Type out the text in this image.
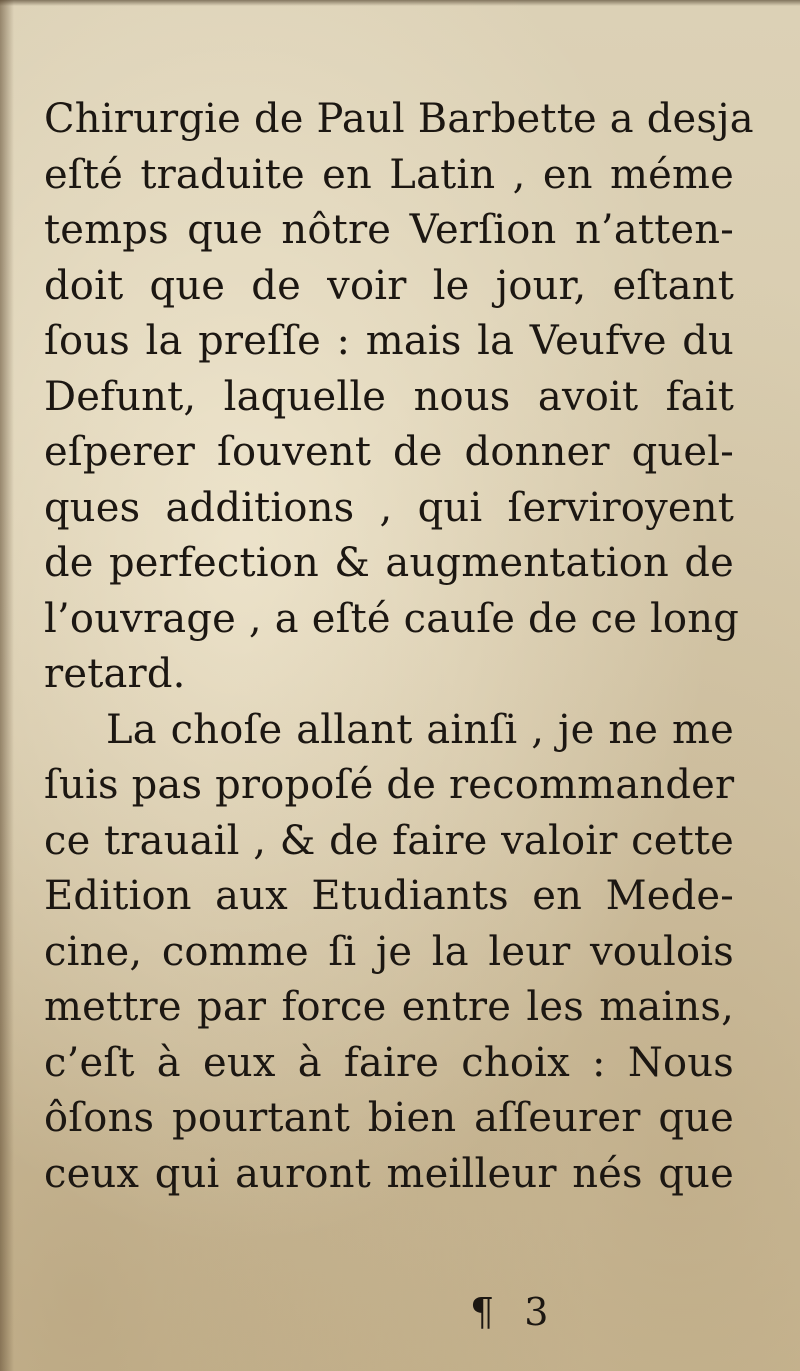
Chirurgie de Paul Barbette a desja
eſté traduite en Latin , en méme
temps que nôtre Verſion n’atten-
doit que de voir le jour, eſtant
ſous la preſſe : mais la Veufve du
Defunt, laquelle nous avoit fait
eſperer ſouvent de donner quel-
ques additions , qui ſerviroyent
de perfection & augmentation de
l’ouvrage , a eſté cauſe de ce long
retard.
La choſe allant ainſi , je ne me
ſuis pas propoſé de recommander
ce trauail , & de faire valoir cette
Edition aux Etudiants en Mede-
cine, comme ſi je la leur voulois
mettre par force entre les mains,
c’eſt à eux à faire choix : Nous
ôſons pourtant bien aſſeurer que
ceux qui auront meilleur nés que
¶ 3
